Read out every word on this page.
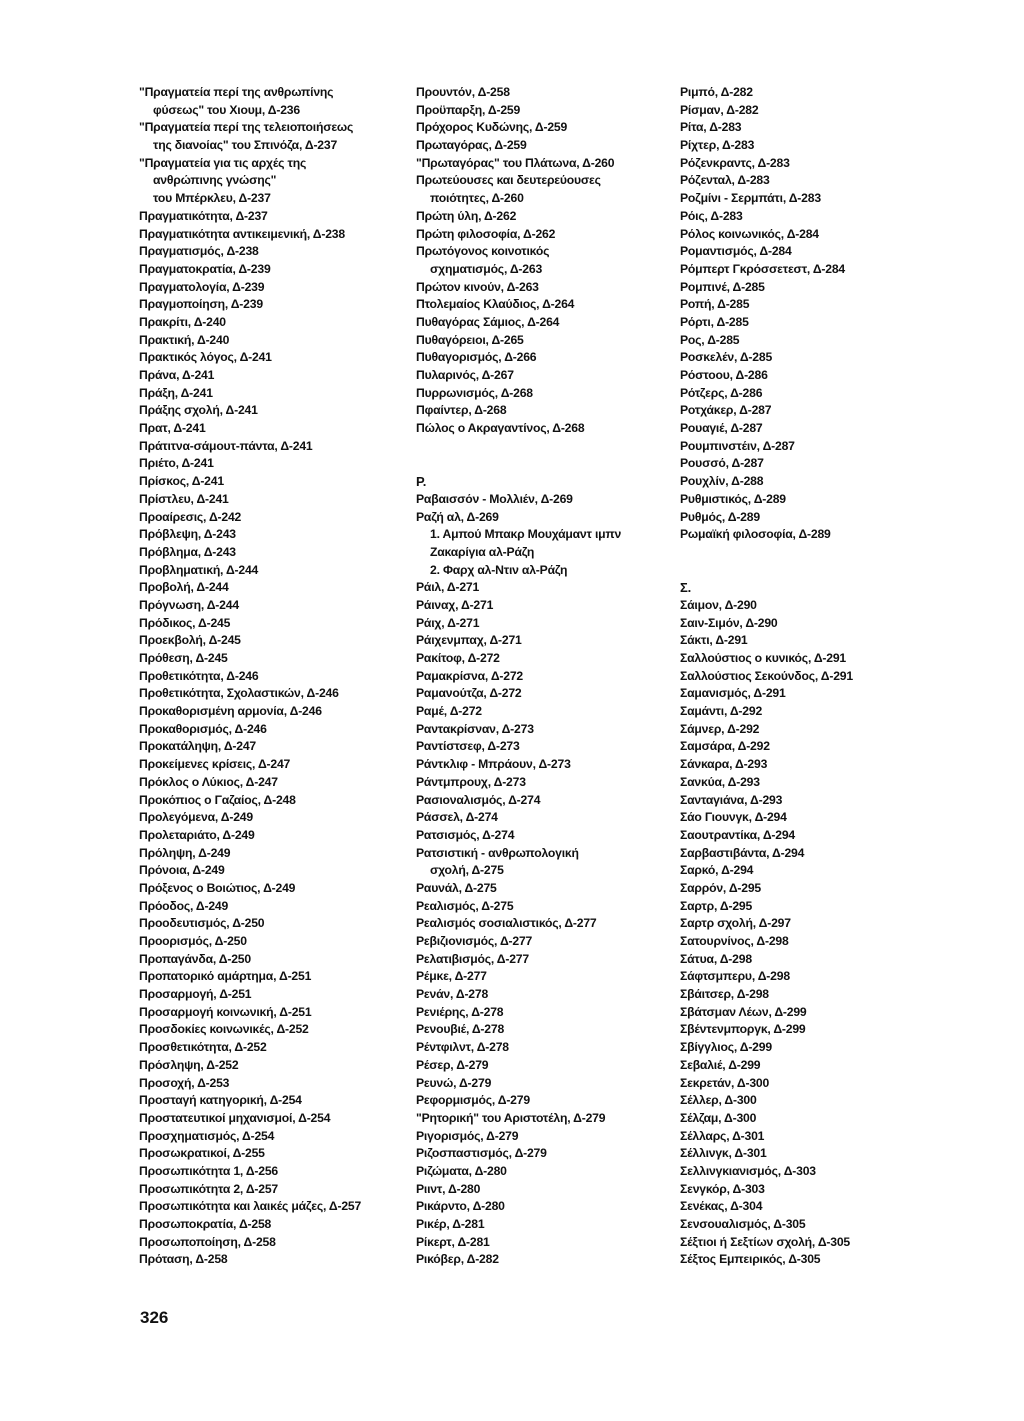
"Πραγματεία περί της ανθρωπίνης
φύσεως" του Χιουμ, Δ-236
"Πραγματεία περί της τελειοποιήσεως
της διανοίας" του Σπινόζα, Δ-237
"Πραγματεία για τις αρχές της
ανθρώπινης γνώσης"
του Μπέρκλευ, Δ-237
Πραγματικότητα, Δ-237
Πραγματικότητα αντικειμενική, Δ-238
Πραγματισμός, Δ-238
Πραγματοκρατία, Δ-239
Πραγματολογία, Δ-239
Πραγμοποίηση, Δ-239
Πρακρίτι, Δ-240
Πρακτική, Δ-240
Πρακτικός λόγος, Δ-241
Πράνα, Δ-241
Πράξη, Δ-241
Πράξης σχολή, Δ-241
Πρατ, Δ-241
Πράτιτνα-σάμουτ-πάντα, Δ-241
Πριέτο, Δ-241
Πρίσκος, Δ-241
Πρίστλευ, Δ-241
Προαίρεσις, Δ-242
Πρόβλεψη, Δ-243
Πρόβλημα, Δ-243
Προβληματική, Δ-244
Προβολή, Δ-244
Πρόγνωση, Δ-244
Πρόδικος, Δ-245
Προεκβολή, Δ-245
Πρόθεση, Δ-245
Προθετικότητα, Δ-246
Προθετικότητα, Σχολαστικών, Δ-246
Προκαθορισμένη αρμονία, Δ-246
Προκαθορισμός, Δ-246
Προκατάληψη, Δ-247
Προκείμενες κρίσεις, Δ-247
Πρόκλος ο Λύκιος, Δ-247
Προκόπιος ο Γαζαίος, Δ-248
Προλεγόμενα, Δ-249
Προλεταριάτο, Δ-249
Πρόληψη, Δ-249
Πρόνοια, Δ-249
Πρόξενος ο Βοιώτιος, Δ-249
Πρόοδος, Δ-249
Προοδευτισμός, Δ-250
Προορισμός, Δ-250
Προπαγάνδα, Δ-250
Προπατορικό αμάρτημα, Δ-251
Προσαρμογή, Δ-251
Προσαρμογή κοινωνική, Δ-251
Προσδοκίες κοινωνικές, Δ-252
Προσθετικότητα, Δ-252
Πρόσληψη, Δ-252
Προσοχή, Δ-253
Προσταγή κατηγορική, Δ-254
Προστατευτικοί μηχανισμοί, Δ-254
Προσχηματισμός, Δ-254
Προσωκρατικοί, Δ-255
Προσωπικότητα 1, Δ-256
Προσωπικότητα 2, Δ-257
Προσωπικότητα και λαικές μάζες, Δ-257
Προσωποκρατία, Δ-258
Προσωποποίηση, Δ-258
Πρόταση, Δ-258
Προυντόν, Δ-258
Προϋπαρξη, Δ-259
Πρόχορος Κυδώνης, Δ-259
Πρωταγόρας, Δ-259
"Πρωταγόρας" του Πλάτωνα, Δ-260
Πρωτεύουσες και δευτερεύουσες
ποιότητες, Δ-260
Πρώτη ύλη, Δ-262
Πρώτη φιλοσοφία, Δ-262
Πρωτόγονος κοινοτικός
σχηματισμός, Δ-263
Πρώτον κινούν, Δ-263
Πτολεμαίος Κλαύδιος, Δ-264
Πυθαγόρας Σάμιος, Δ-264
Πυθαγόρειοι, Δ-265
Πυθαγορισμός, Δ-266
Πυλαρινός, Δ-267
Πυρρωνισμός, Δ-268
Πφαίντερ, Δ-268
Πώλος ο Ακραγαντίνος, Δ-268
Ρ.
Ραβαισσόν - Μολλιέν, Δ-269
Ραζή αλ, Δ-269
1. Αμπού Μπακρ Μουχάμαντ ιμπν
Ζακαρίγια αλ-Ράζη
2. Φαρχ αλ-Ντιν αλ-Ράζη
Ράιλ, Δ-271
Ράιναχ, Δ-271
Ράιχ, Δ-271
Ράιχενμπαχ, Δ-271
Ρακίτοφ, Δ-272
Ραμακρίσνα, Δ-272
Ραμανούτζα, Δ-272
Ραμέ, Δ-272
Ραντακρίσναν, Δ-273
Ραντίστσεφ, Δ-273
Ράντκλιφ - Μπράουν, Δ-273
Ράντμπρουχ, Δ-273
Ρασιοναλισμός, Δ-274
Ράσσελ, Δ-274
Ρατσισμός, Δ-274
Ρατσιστική - ανθρωπολογική
σχολή, Δ-275
Ραυνάλ, Δ-275
Ρεαλισμός, Δ-275
Ρεαλισμός σοσιαλιστικός, Δ-277
Ρεβιζιονισμός, Δ-277
Ρελατιβισμός, Δ-277
Ρέμκε, Δ-277
Ρενάν, Δ-278
Ρενιέρης, Δ-278
Ρενουβιέ, Δ-278
Ρέντφιλντ, Δ-278
Ρέσερ, Δ-279
Ρευνώ, Δ-279
Ρεφορμισμός, Δ-279
"Ρητορική" του Αριστοτέλη, Δ-279
Ριγορισμός, Δ-279
Ριζοσπαστισμός, Δ-279
Ριζώματα, Δ-280
Ριιντ, Δ-280
Ρικάρντο, Δ-280
Ρικέρ, Δ-281
Ρίκερτ, Δ-281
Ρικόβερ, Δ-282
Ριμπό, Δ-282
Ρίσμαν, Δ-282
Ρίτα, Δ-283
Ρίχτερ, Δ-283
Ρόζενκραντς, Δ-283
Ρόζενταλ, Δ-283
Ροζμίνι - Σερμπάτι, Δ-283
Ρόις, Δ-283
Ρόλος κοινωνικός, Δ-284
Ρομαντισμός, Δ-284
Ρόμπερτ Γκρόσσετεστ, Δ-284
Ρομπινέ, Δ-285
Ροπή, Δ-285
Ρόρτι, Δ-285
Ρος, Δ-285
Ροσκελέν, Δ-285
Ρόστοου, Δ-286
Ρότζερς, Δ-286
Ροτχάκερ, Δ-287
Ρουαγιέ, Δ-287
Ρουμπινστέιν, Δ-287
Ρουσσό, Δ-287
Ρουχλίν, Δ-288
Ρυθμιστικός, Δ-289
Ρυθμός, Δ-289
Ρωμαϊκή φιλοσοφία, Δ-289
Σ.
Σάιμον, Δ-290
Σαιν-Σιμόν, Δ-290
Σάκτι, Δ-291
Σαλλούστιος ο κυνικός, Δ-291
Σαλλούστιος Σεκούνδος, Δ-291
Σαμανισμός, Δ-291
Σαμάντι, Δ-292
Σάμνερ, Δ-292
Σαμσάρα, Δ-292
Σάνκαρα, Δ-293
Σανκύα, Δ-293
Σανταγιάνα, Δ-293
Σάο Γιουνγκ, Δ-294
Σαουτραντίκα, Δ-294
Σαρβαστιβάντα, Δ-294
Σαρκό, Δ-294
Σαρρόν, Δ-295
Σαρτρ, Δ-295
Σαρτρ σχολή, Δ-297
Σατουρνίνος, Δ-298
Σάτυα, Δ-298
Σάφτσμπερυ, Δ-298
Σβάιτσερ, Δ-298
Σβάτσμαν Λέων, Δ-299
Σβέντενμποργκ, Δ-299
Σβίγγλιος, Δ-299
Σεβαλιέ, Δ-299
Σεκρετάν, Δ-300
Σέλλερ, Δ-300
Σέλζαμ, Δ-300
Σέλλαρς, Δ-301
Σέλλινγκ, Δ-301
Σελλινγκιανισμός, Δ-303
Σενγκόρ, Δ-303
Σενέκας, Δ-304
Σενσουαλισμός, Δ-305
Σέξτιοι ή Σεξτίων σχολή, Δ-305
Σέξτος Εμπειρικός, Δ-305
326
